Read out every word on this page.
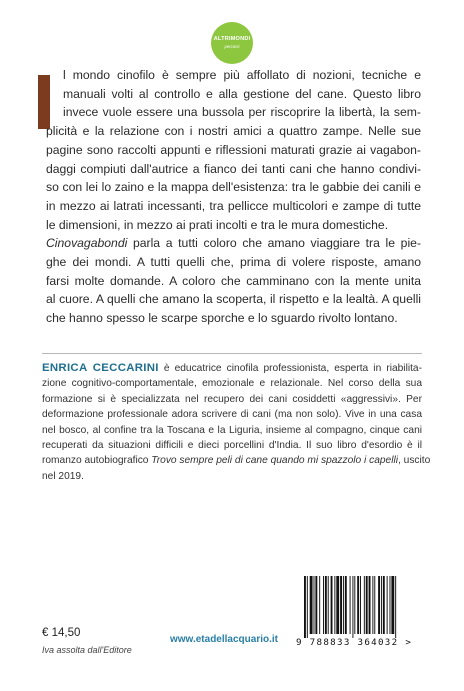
ALTRIMONDI
percorsi
l mondo cinofilo è sempre più affollato di nozioni, tecniche e
manuali volti al controllo e alla gestione del cane. Questo libro
invece vuole essere una bussola per riscoprire la libertà, la sem-
plicità e la relazione con i nostri amici a quattro zampe. Nelle sue
pagine sono raccolti appunti e riflessioni maturati grazie ai vagabon-
daggi compiuti dall'autrice a fianco dei tanti cani che hanno condivi-
so con lei lo zaino e la mappa dell'esistenza: tra le gabbie dei canili e
in mezzo ai latrati incessanti, tra pellicce multicolori e zampe di tutte
le dimensioni, in mezzo ai prati incolti e tra le mura domestiche.
Cinovagabondi parla a tutti coloro che amano viaggiare tra le pie-
ghe dei mondi. A tutti quelli che, prima di volere risposte, amano
farsi molte domande. A coloro che camminano con la mente unita
al cuore. A quelli che amano la scoperta, il rispetto e la lealtà. A quelli
che hanno spesso le scarpe sporche e lo sguardo rivolto lontano.
ENRICA CECCARINI è educatrice cinofila professionista, esperta in riabilita-
zione cognitivo-comportamentale, emozionale e relazionale. Nel corso della sua
formazione si è specializzata nel recupero dei cani cosiddetti «aggressivi». Per
deformazione professionale adora scrivere di cani (ma non solo). Vive in una casa
nel bosco, al confine tra la Toscana e la Liguria, insieme al compagno, cinque cani
recuperati da situazioni difficili e dieci porcellini d'India. Il suo libro d'esordio è il
romanzo autobiografico Trovo sempre peli di cane quando mi spazzolo i capelli, uscito
nel 2019.
€ 14,50
Iva assolta dall'Editore
www.etadellacquario.it 9 788833 364032 >
